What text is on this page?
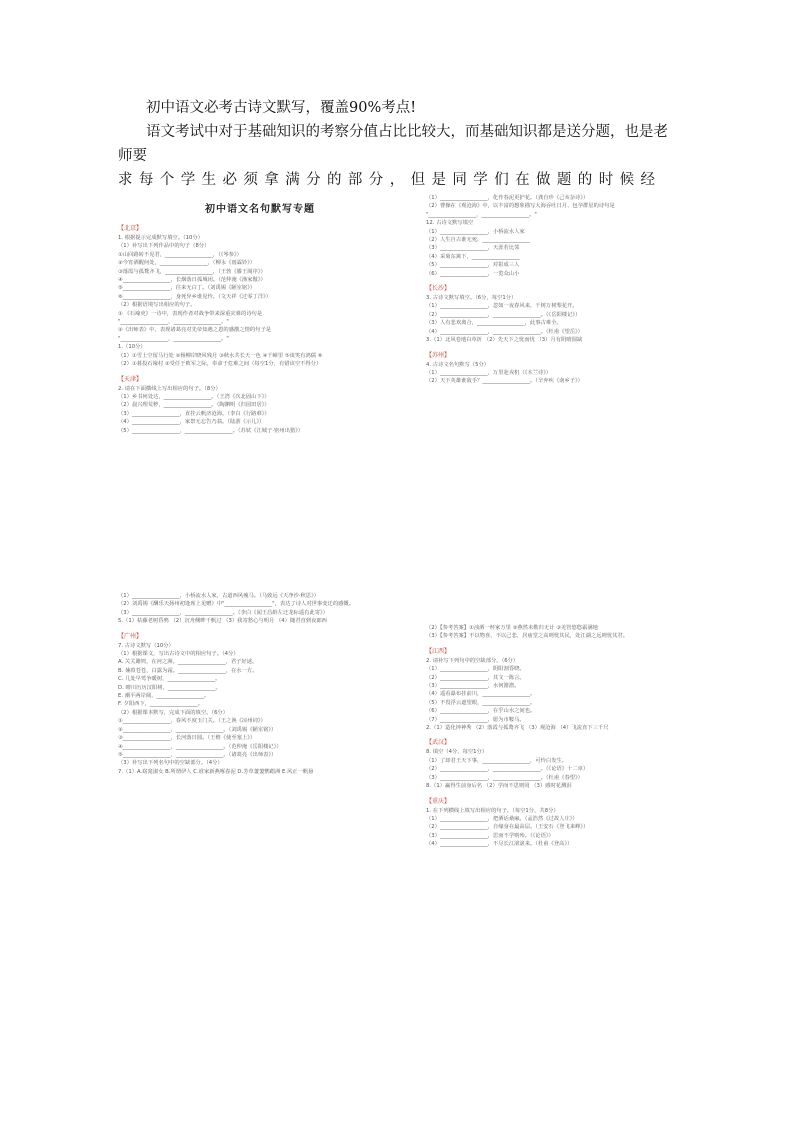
初中语文必考古诗文默写，覆盖90%考点!
语文考试中对于基础知识的考察分值占比比较大，而基础知识都是送分题，也是老师要
求每个学生必须拿满分的部分，但是同学们在做题的时候经
初中语文名句默写专题
【北京】
1. 根据提示完成默写填空。（10分）
（1）补写出下列作品中的句子（8分）
①山回路转不见君，__________________，（《岑参》）
②今宵酒醒何处，__________________，（柳永《雨霖铃》）
③落霞与孤鹜齐飞，__________________，（王勃《滕王阁序》）
④__________________，长烟落日孤城闭。（范仲淹《渔家傲》）
⑤__________________，往来无白丁。（刘禹锡《陋室铭》）
⑥__________________，身死异乡谁见怜。（文天祥《过零丁洋》）
（2）根据语境写出相应的句子。
① 《石壕吏》一诗中，表现作者对战争带来深重灾难的诗句是
"__________________，__________________。"
②《出师表》中，表现诸葛亮对先帝知遇之恩的感激之情的句子是
"__________________，__________________。"
1.（10分）
（1）①雪上空留马行处 ②杨柳岸晓风残月 ③秋水共长天一色 ④千嶂里 ⑤谈笑有鸿儒 ⑥
（2）①暮投石壕村 ②受任于败军之际，奉命于危难之间（每空1分，有错该空不得分）
【天津】
2. 请在下面横线上写出相应的句子。（8分）
（1）乡书何处达，__________________。（王湾《次北固山下》）
（2）晨兴理荒秽，__________________。（陶渊明《归园田居》）
（3）__________________，直挂云帆济沧海。（李白《行路难》）
（4）__________________，家祭无忘告乃翁。（陆游《示儿》）
（5）__________________，__________________。（苏轼《江城子·密州出猎》）
（1）__________________，化作春泥更护花。（龚自珍《己亥杂诗》）
（2）曹操在《观沧海》中，以丰富的想象描写大海吞吐日月、包孕群星的诗句是
"__________________，__________________。"
12. 古诗文默写填空
（1）__________________，小桥流水人家
（2）人生自古谁无死，__________________
（3）__________________，天涯若比邻
（4）采菊东篱下，__________________
（5）__________________，对影成三人
（6）__________________，一览众山小
【长沙】
3. 古诗文默写填空。（6分，每空1分）
（1）__________________，忽如一夜春风来，千树万树梨花开。
（2）__________________，__________________。（《岳阳楼记》）
（3）人有悲欢离合，__________________，此事古难全。
（4）__________________，__________________。（杜甫《望岳》）
3.（1）北风卷地白草折 （2）先天下之忧而忧 （3）月有阴晴圆缺
【苏州】
4. 古诗文名句默写（5分）
（1）__________________，万里赴戎机（《木兰诗》）
（2）天下英雄谁敌手？__________________。（辛弃疾《南乡子》）
（1）__________________，小桥流水人家，古道西风瘦马。（马致远《天净沙·秋思》）
（2）刘禹锡《酬乐天扬州初逢席上见赠》中"__________________"，表达了诗人对世事变迁的感慨。
（3）__________________，__________________。（李白《闻王昌龄左迁龙标遥有此寄》）
5.（1）枯藤老树昏鸦 （2）沉舟侧畔千帆过 （3）我寄愁心与明月 （4）随君直到夜郎西
【广州】
7. 古诗文默写（10分）
（1）根据课文，写出古诗文中的相应句子。（4分）
A. 关关雎鸠，在河之洲。__________________，君子好逑。
B. 蒹葭苍苍，白露为霜。__________________，在水一方。
C. 几处早莺争暖树，__________________。
D. 晴川历历汉阳树，__________________。
E. 潮平两岸阔，__________________。
F. 夕阳西下，__________________。
（2）根据课本默写，完成下面的填空。（6分）
①__________________，春风不度玉门关。（王之涣《凉州词》）
②__________________，__________________。（刘禹锡《陋室铭》）
③__________________，长河落日圆。（王维《使至塞上》）
④__________________，__________________。（范仲淹《岳阳楼记》）
⑤__________________，__________________。（诸葛亮《出师表》）
（3）补写出下列名句中的空缺部分。（4分）
7.（1）A.窈窕淑女 B.所谓伊人 C.谁家新燕啄春泥 D.芳草萋萋鹦鹉洲 E.风正一帆悬
（2）【参考答案】①浊酒一杯家万里 ②燕然未勒归无计 ③羌管悠悠霜满地
（3）【参考答案】不以物喜，不以己悲，居庙堂之高则忧其民，处江湖之远则忧其君。
【江西】
2. 请补写下列句中的空缺部分。（6分）
（1）__________________，阴阳割昏晓。
（2）__________________，其文一陈言。
（3）__________________，水何澹澹。
（4）遥看瀑布挂前川，__________________。
（5）不畏浮云遮望眼，__________________。
（6）__________________，在乎山水之间也。
（7）__________________，愿为市鞍马。
2.（1）造化钟神秀 （2）落霞与孤鹜齐飞 （3）观沧海 （4）飞流直下三千尺
【武汉】
8. 填空（4分，每空1分）
（1）了却君王天下事，__________________，可怜白发生。
（2）__________________，__________________。（《论语》十二章）
（3）__________________，__________________。（杜甫《春望》）
8.（1）赢得生前身后名 （2）学而不思则罔 （3）感时花溅泪
【重庆】
1. 在下列横线上填写出相应的句子。（每空1分，共8分）
（1）__________________，把酒话桑麻。（孟浩然《过故人庄》）
（2）__________________，自缘身在最高层。（王安石《登飞来峰》）
（3）__________________，思而不学则殆。（《论语》）
（4）__________________，不尽长江滚滚来。（杜甫《登高》）
